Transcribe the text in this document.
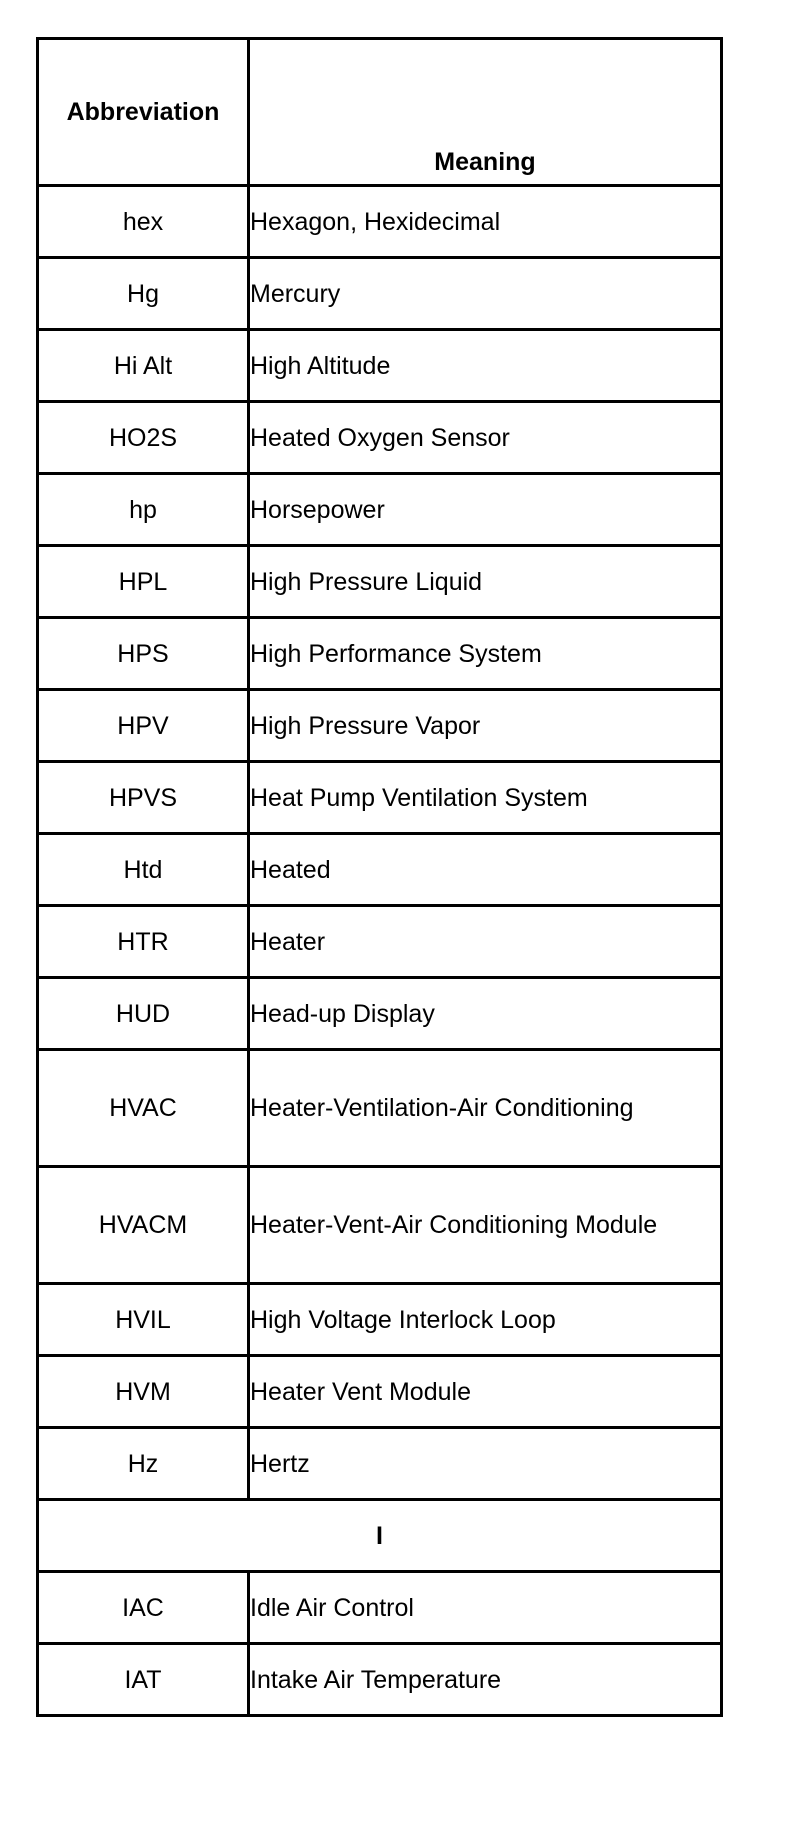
Abbreviation	Meaning
hex	Hexagon, Hexidecimal
Hg	Mercury
Hi Alt	High Altitude
HO2S	Heated Oxygen Sensor
hp	Horsepower
HPL	High Pressure Liquid
HPS	High Performance System
HPV	High Pressure Vapor
HPVS	Heat Pump Ventilation System
Htd	Heated
HTR	Heater
HUD	Head-up Display
HVAC	Heater-Ventilation-Air Conditioning
HVACM	Heater-Vent-Air Conditioning Module
HVIL	High Voltage Interlock Loop
HVM	Heater Vent Module
Hz	Hertz
I	
IAC	Idle Air Control
IAT	Intake Air Temperature
